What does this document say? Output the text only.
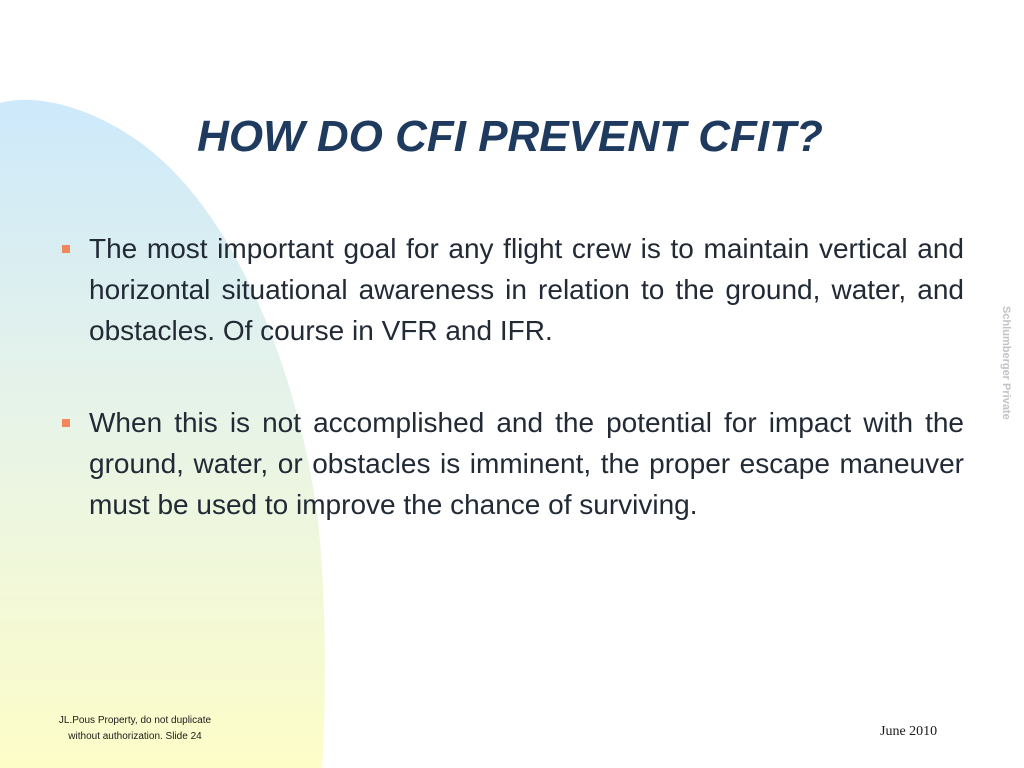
HOW DO CFI PREVENT CFIT?
The most important goal for any flight crew is to maintain vertical and horizontal situational awareness in relation to the ground, water, and obstacles. Of course in VFR and IFR.
When this is not accomplished and the potential for impact with the ground, water, or obstacles is imminent, the proper escape maneuver must be used to improve the chance of surviving.
Schlumberger Private
JL.Pous Property, do not duplicate
without authorization. Slide 24	June 2010
